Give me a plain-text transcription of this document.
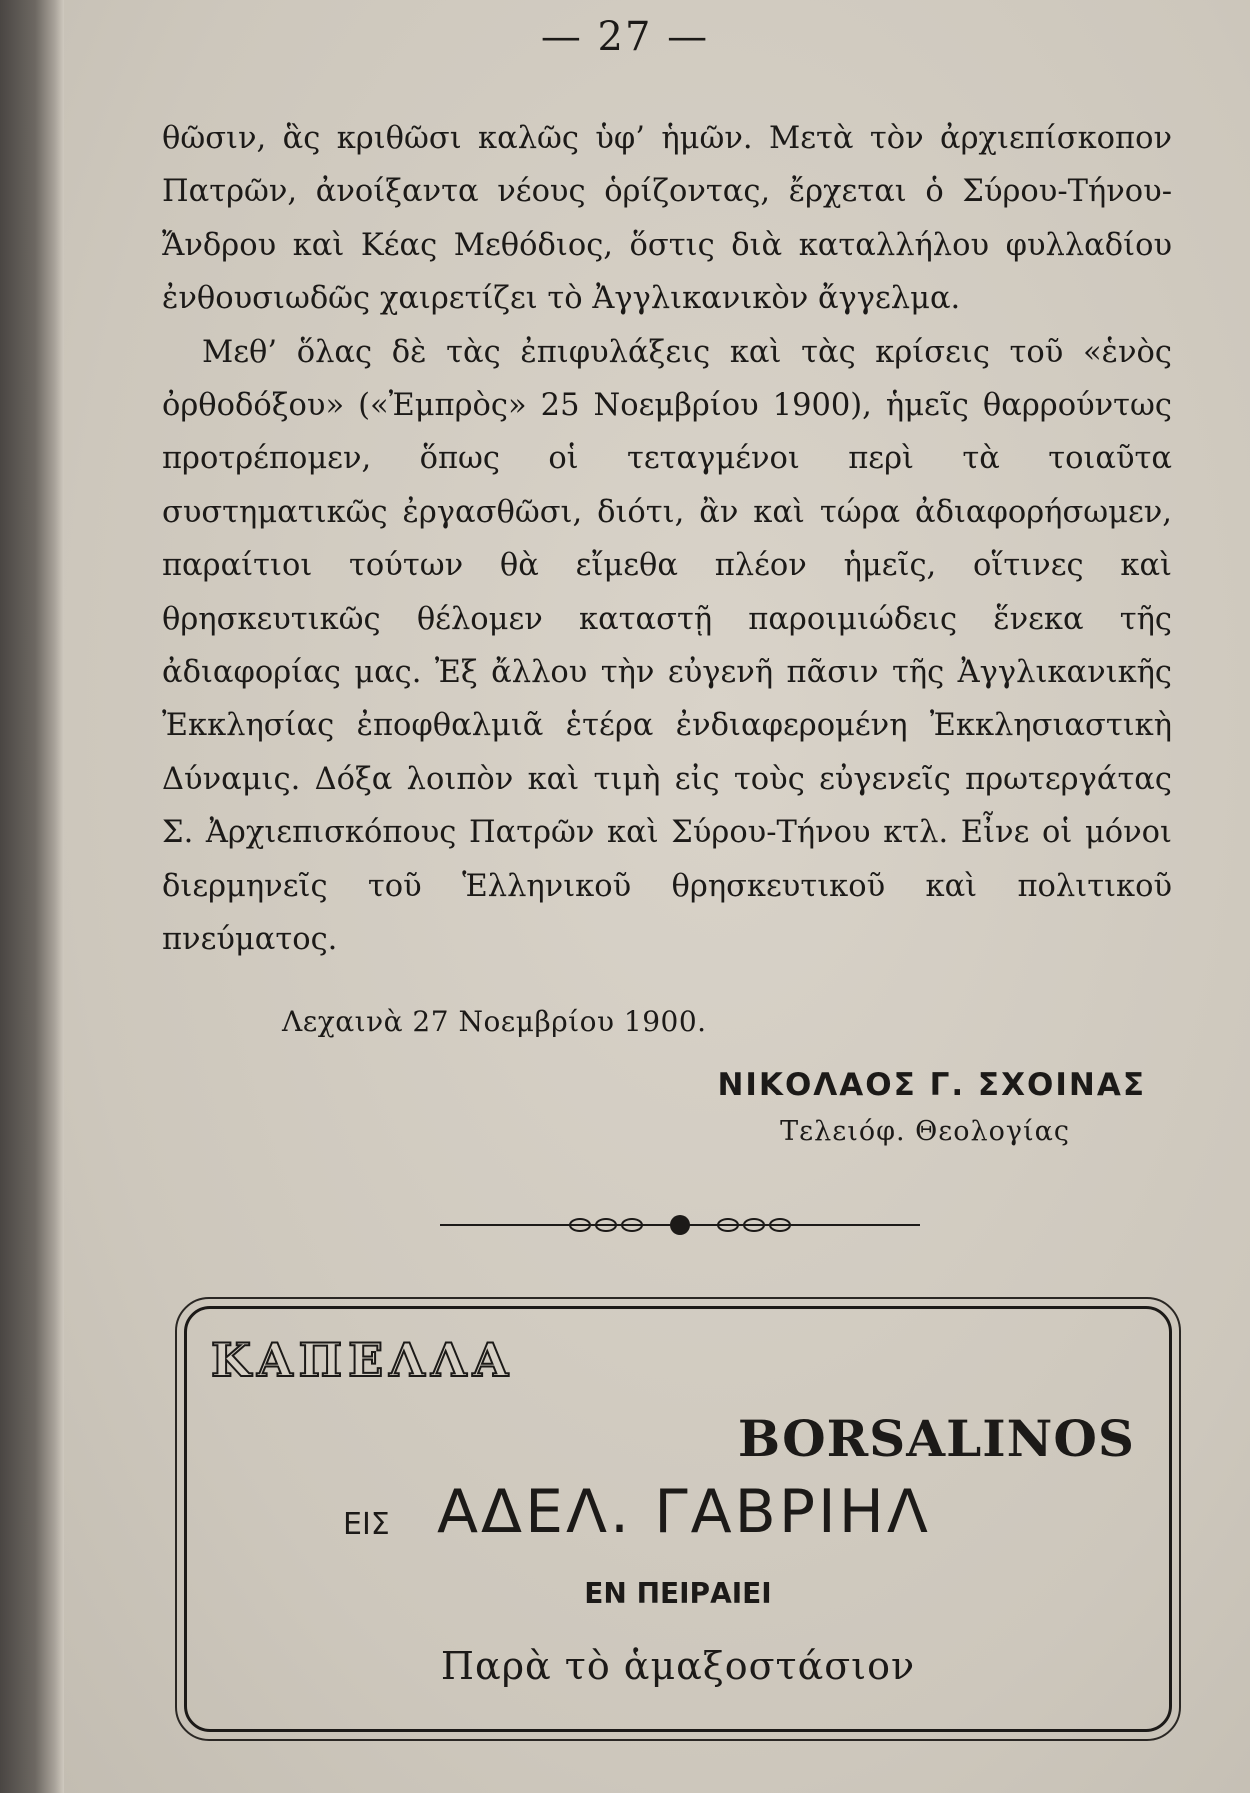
— 27 —

θῶσιν, ἃς κριθῶσι καλῶς ὑφ’ ἡμῶν. Μετὰ τὸν ἀρχιεπίσκοπον Πατρῶν, ἀνοίξαντα νέους ὁρίζοντας, ἔρχεται ὁ Σύρου-Τήνου-Ἄνδρου καὶ Κέας Μεθόδιος, ὅστις διὰ καταλλήλου φυλλαδίου ἐνθουσιωδῶς χαιρετίζει τὸ Ἀγγλικανικὸν ἄγγελμα.

Μεθ’ ὅλας δὲ τὰς ἐπιφυλάξεις καὶ τὰς κρίσεις τοῦ «ἑνὸς ὀρθοδόξου» («Ἐμπρὸς» 25 Νοεμβρίου 1900), ἡμεῖς θαρρούντως προτρέπομεν, ὅπως οἱ τεταγμένοι περὶ τὰ τοιαῦτα συστηματικῶς ἐργασθῶσι, διότι, ἂν καὶ τώρα ἀδιαφορήσωμεν, παραίτιοι τούτων θὰ εἴμεθα πλέον ἡμεῖς, οἵτινες καὶ θρησκευτικῶς θέλομεν καταστῇ παροιμιώδεις ἕνεκα τῆς ἀδιαφορίας μας. Ἐξ ἄλλου τὴν εὐγενῆ πᾶσιν τῆς Ἀγγλικανικῆς Ἐκκλησίας ἐποφθαλμιᾶ ἑτέρα ἐνδιαφερομένη Ἐκκλησιαστικὴ Δύναμις. Δόξα λοιπὸν καὶ τιμὴ εἰς τοὺς εὐγενεῖς πρωτεργάτας Σ. Ἀρχιεπισκόπους Πατρῶν καὶ Σύρου-Τήνου κτλ. Εἶνε οἱ μόνοι διερμηνεῖς τοῦ Ἑλληνικοῦ θρησκευτικοῦ καὶ πολιτικοῦ πνεύματος.

Λεχαινὰ 27 Νοεμβρίου 1900.
ΝΙΚΟΛΑΟΣ Γ. ΣΧΟΙΝΑΣ
Τελειόφ. Θεολογίας
ΚΑΠΕΛΛΑ
BORSALINOS
ΕΙΣ ΑΔΕΛ. ΓΑΒΡΙΗΛ
ΕΝ ΠΕΙΡΑΙΕΙ
Παρὰ τὸ ἁμαξοστάσιον
